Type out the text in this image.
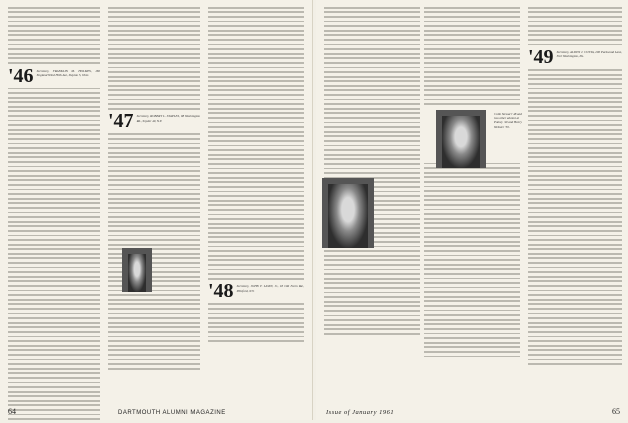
'46 Secretary, FRANKLIN M. HOLMES, 160 England Wind Hills Ave, Dayton 5, Ohio
'47 Secretary, ROBERT L. STAPLES, 98 Washington Rd., Snyder 49, N.Y.
'48 Secretary, JOHN F. LAVIN, Jr., 18 Old Farm Rd., Pittsford, N.Y.
64	DARTMOUTH ALUMNI MAGAZINE
'49 Secretary, ALDEN J. COTTA, 290 Parkwood Lane, Fort Washington, Pa.
Colin Stewart '48 and two other alumni at Putney '49 and Henry Webster '50.
Issue of January 1961	65
